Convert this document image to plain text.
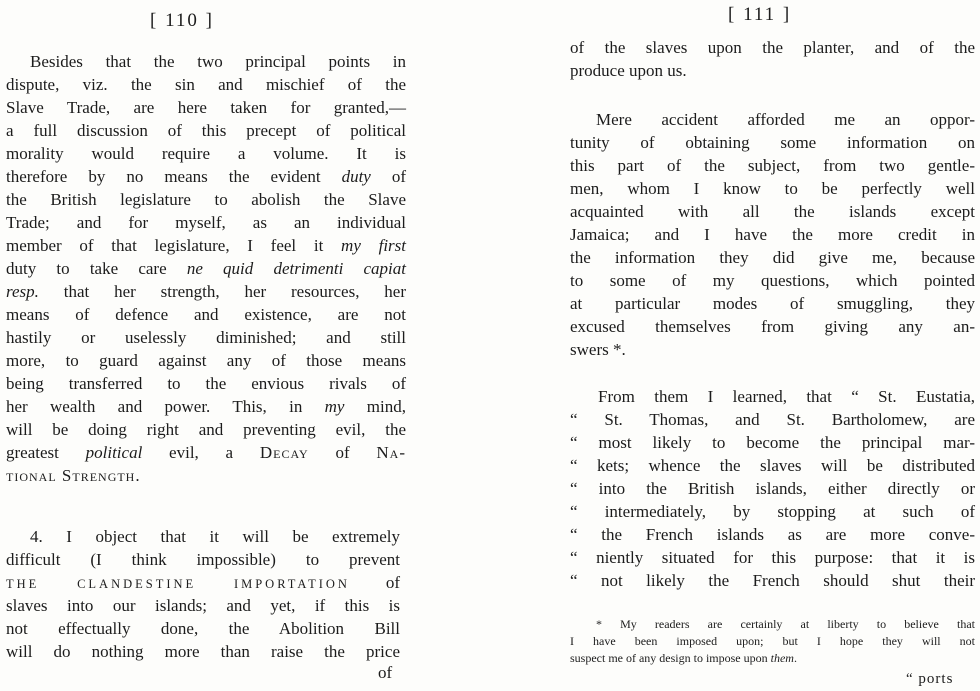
[ 110 ]
Besides that the two principal points in
dispute, viz. the sin and mischief of the
Slave Trade, are here taken for granted,—
a full discussion of this precept of political
morality would require a volume. It is
therefore by no means the evident duty of
the British legislature to abolish the Slave
Trade; and for myself, as an individual
member of that legislature, I feel it my first
duty to take care ne quid detrimenti capiat
resp. that her strength, her resources, her
means of defence and existence, are not
hastily or uselessly diminished; and still
more, to guard against any of those means
being transferred to the envious rivals of
her wealth and power. This, in my mind,
will be doing right and preventing evil, the
greatest political evil, a Decay of Na-
tional Strength.
4. I object that it will be extremely
difficult (I think impossible) to prevent
THE CLANDESTINE IMPORTATION of
slaves into our islands; and yet, if this is
not effectually done, the Abolition Bill
will do nothing more than raise the price
of
[ 111 ]
of the slaves upon the planter, and of the
produce upon us.
Mere accident afforded me an oppor-
tunity of obtaining some information on
this part of the subject, from two gentle-
men, whom I know to be perfectly well
acquainted with all the islands except
Jamaica; and I have the more credit in
the information they did give me, because
to some of my questions, which pointed
at particular modes of smuggling, they
excused themselves from giving any an-
swers *.
From them I learned, that “ St. Eustatia,
“ St. Thomas, and St. Bartholomew, are
“ most likely to become the principal mar-
“ kets; whence the slaves will be distributed
“ into the British islands, either directly or
“ intermediately, by stopping at such of
“ the French islands as are more conve-
“ niently situated for this purpose: that it is
“ not likely the French should shut their
* My readers are certainly at liberty to believe that
I have been imposed upon; but I hope they will not
suspect me of any design to impose upon them.
“ ports
